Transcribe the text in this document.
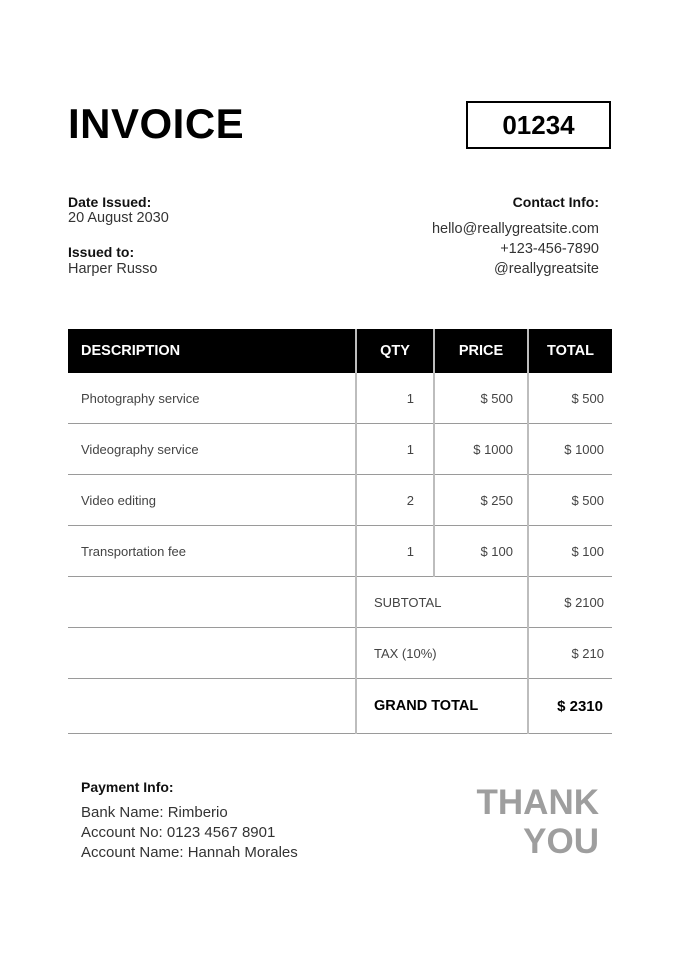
INVOICE	01234
Date Issued:
20 August 2030
Issued to:
Harper Russo
Contact Info:
hello@reallygreatsite.com
+123-456-7890
@reallygreatsite
DESCRIPTION	QTY	PRICE	TOTAL
Photography service	1	$ 500	$ 500
Videography service	1	$ 1000	$ 1000
Video editing	2	$ 250	$ 500
Transportation fee	1	$ 100	$ 100
	SUBTOTAL		$ 2100
	TAX (10%)		$ 210
	GRAND TOTAL		$ 2310
Payment Info:
Bank Name: Rimberio
Account No: 0123 4567 8901
Account Name: Hannah Morales
THANK
YOU
